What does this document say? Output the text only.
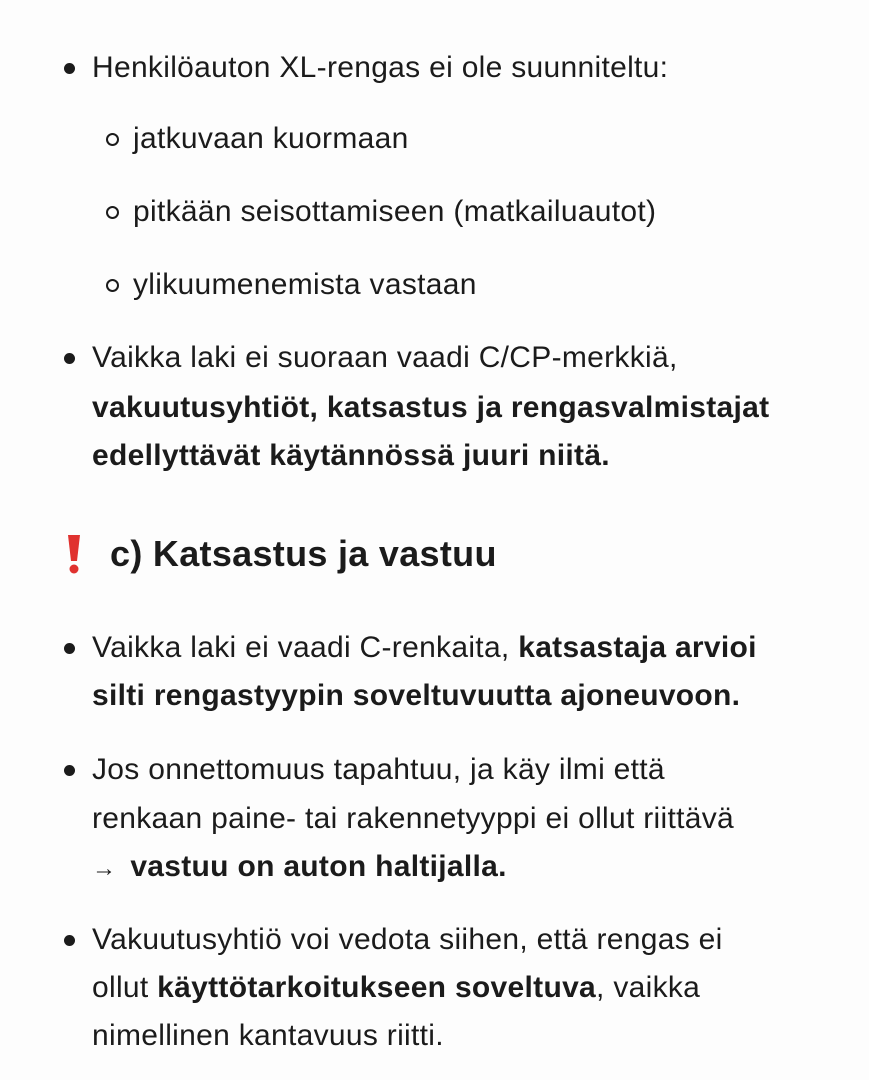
Henkilöauton XL-rengas ei ole suunniteltu:
jatkuvaan kuormaan
pitkään seisottamiseen (matkailuautot)
ylikuumenemista vastaan
Vaikka laki ei suoraan vaadi C/CP-merkkiä,
vakuutusyhtiöt, katsastus ja rengasvalmistajat
edellyttävät käytännössä juuri niitä.
c) Katsastus ja vastuu
Vaikka laki ei vaadi C-renkaita, katsastaja arvioi
silti rengastyypin soveltuvuutta ajoneuvoon.
Jos onnettomuus tapahtuu, ja käy ilmi että
renkaan paine- tai rakennetyyppi ei ollut riittävä
→ vastuu on auton haltijalla.
Vakuutusyhtiö voi vedota siihen, että rengas ei
ollut käyttötarkoitukseen soveltuva, vaikka
nimellinen kantavuus riitti.
